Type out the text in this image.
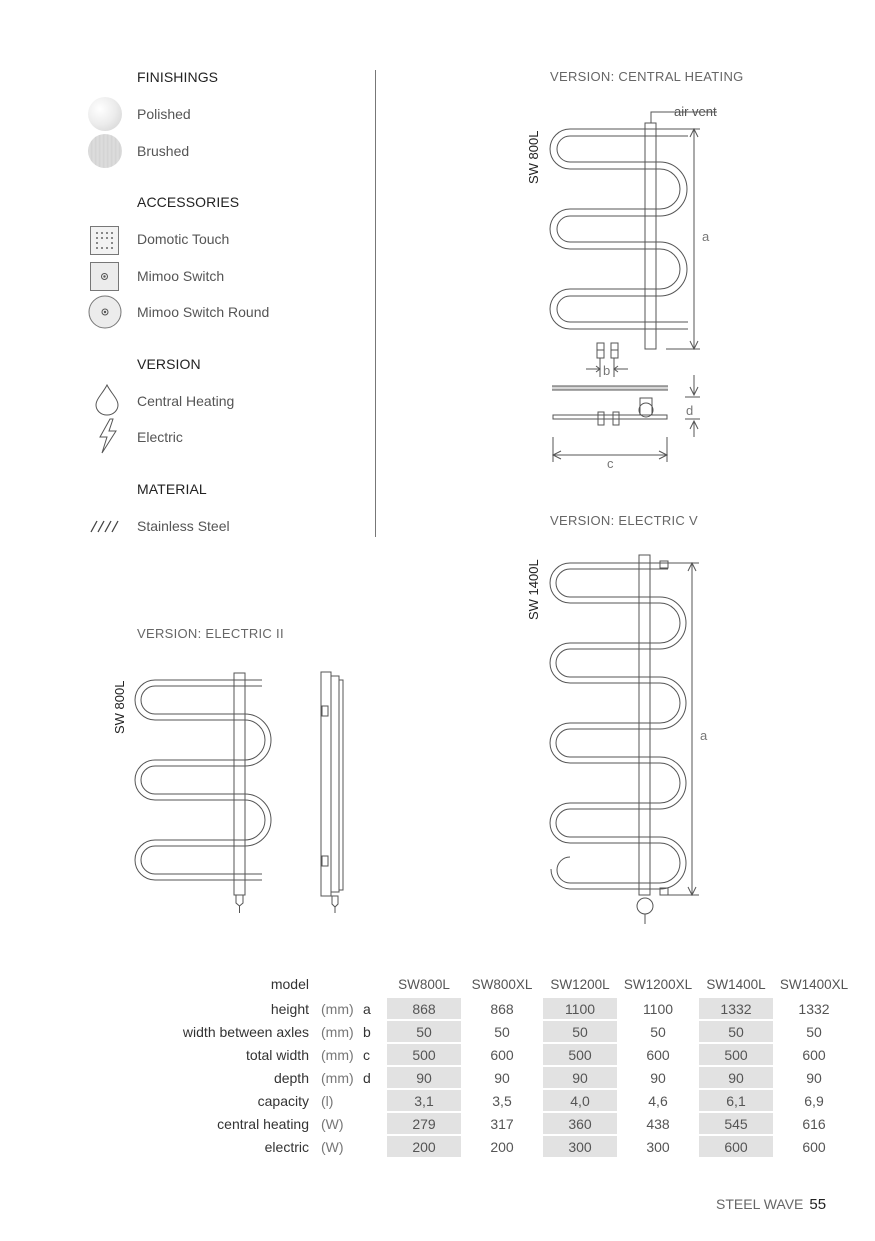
FINISHINGS
Polished
Brushed
ACCESSORIES
Domotic Touch
Mimoo Switch
Mimoo Switch Round
VERSION
Central Heating
Electric
MATERIAL
Stainless Steel
VERSION: CENTRAL HEATING
SW 800L
air vent
a
b
d
c
VERSION: ELECTRIC V
SW 1400L
a
VERSION: ELECTRIC II
SW 800L
model			SW800L	SW800XL	SW1200L	SW1200XL	SW1400L	SW1400XL
height	(mm)	a	868	868	1100	1100	1332	1332
width between axles	(mm)	b	50	50	50	50	50	50
total width	(mm)	c	500	600	500	600	500	600
depth	(mm)	d	90	90	90	90	90	90
capacity	(l)		3,1	3,5	4,0	4,6	6,1	6,9
central heating	(W)		279	317	360	438	545	616
electric	(W)		200	200	300	300	600	600
STEEL WAVE 55
